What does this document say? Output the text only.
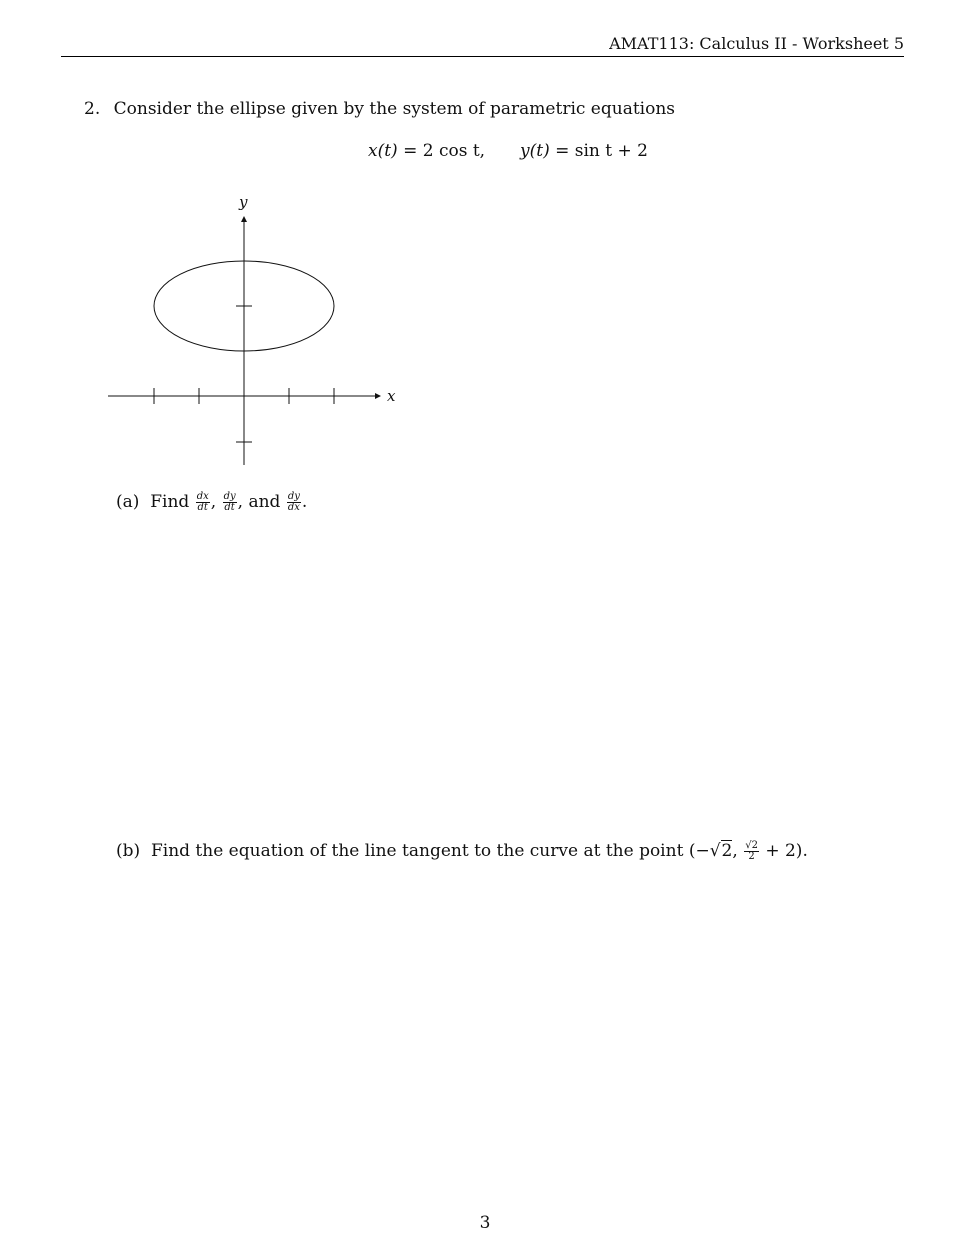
AMAT113: Calculus II - Worksheet 5
2. Consider the ellipse given by the system of parametric equations
x(t) = 2 cos t, y(t) = sin t + 2
x
y
(a) Find $\frac{dx}{dt}$ , $\frac{dy}{dt}$ , and $\frac{dy}{dx}$ .
(b) Find the equation of the line tangent to the curve at the point (−√2, $\frac{√2}{2} + 2$).
3
